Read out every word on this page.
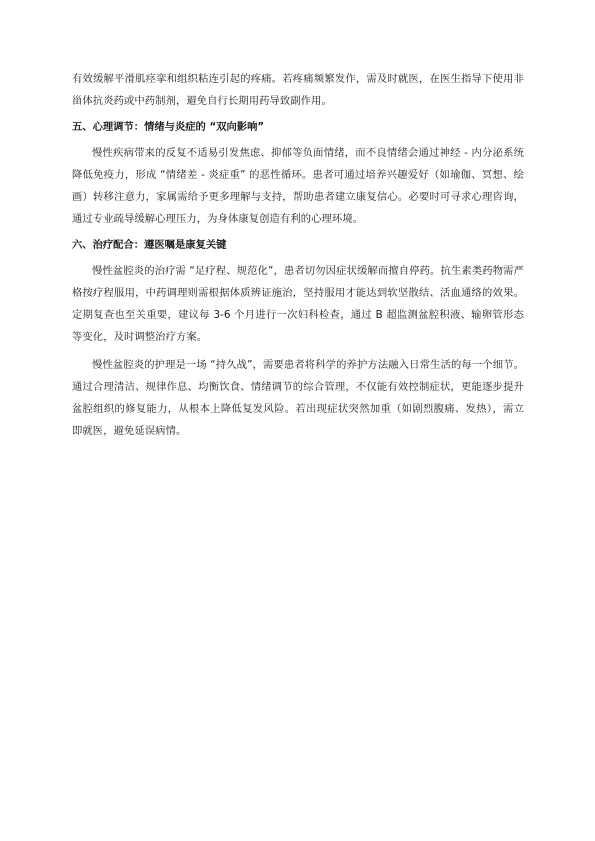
有效缓解平滑肌痉挛和组织粘连引起的疼痛。若疼痛频繁发作，需及时就医，在医生指导下使用非甾体抗炎药或中药制剂，避免自行长期用药导致副作用。

五、心理调节：情绪与炎症的 “双向影响”

慢性疾病带来的反复不适易引发焦虑、抑郁等负面情绪，而不良情绪会通过神经 - 内分泌系统降低免疫力，形成 “情绪差 - 炎症重” 的恶性循环。患者可通过培养兴趣爱好（如瑜伽、冥想、绘画）转移注意力，家属需给予更多理解与支持，帮助患者建立康复信心。必要时可寻求心理咨询，通过专业疏导缓解心理压力，为身体康复创造有利的心理环境。

六、治疗配合：遵医嘱是康复关键

慢性盆腔炎的治疗需 “足疗程、规范化”，患者切勿因症状缓解而擅自停药。抗生素类药物需严格按疗程服用，中药调理则需根据体质辨证施治，坚持服用才能达到软坚散结、活血通络的效果。定期复查也至关重要，建议每 3-6 个月进行一次妇科检查，通过 B 超监测盆腔积液、输卵管形态等变化，及时调整治疗方案。

慢性盆腔炎的护理是一场 “持久战”，需要患者将科学的养护方法融入日常生活的每一个细节。通过合理清洁、规律作息、均衡饮食、情绪调节的综合管理，不仅能有效控制症状，更能逐步提升盆腔组织的修复能力，从根本上降低复发风险。若出现症状突然加重（如剧烈腹痛、发热），需立即就医，避免延误病情。
